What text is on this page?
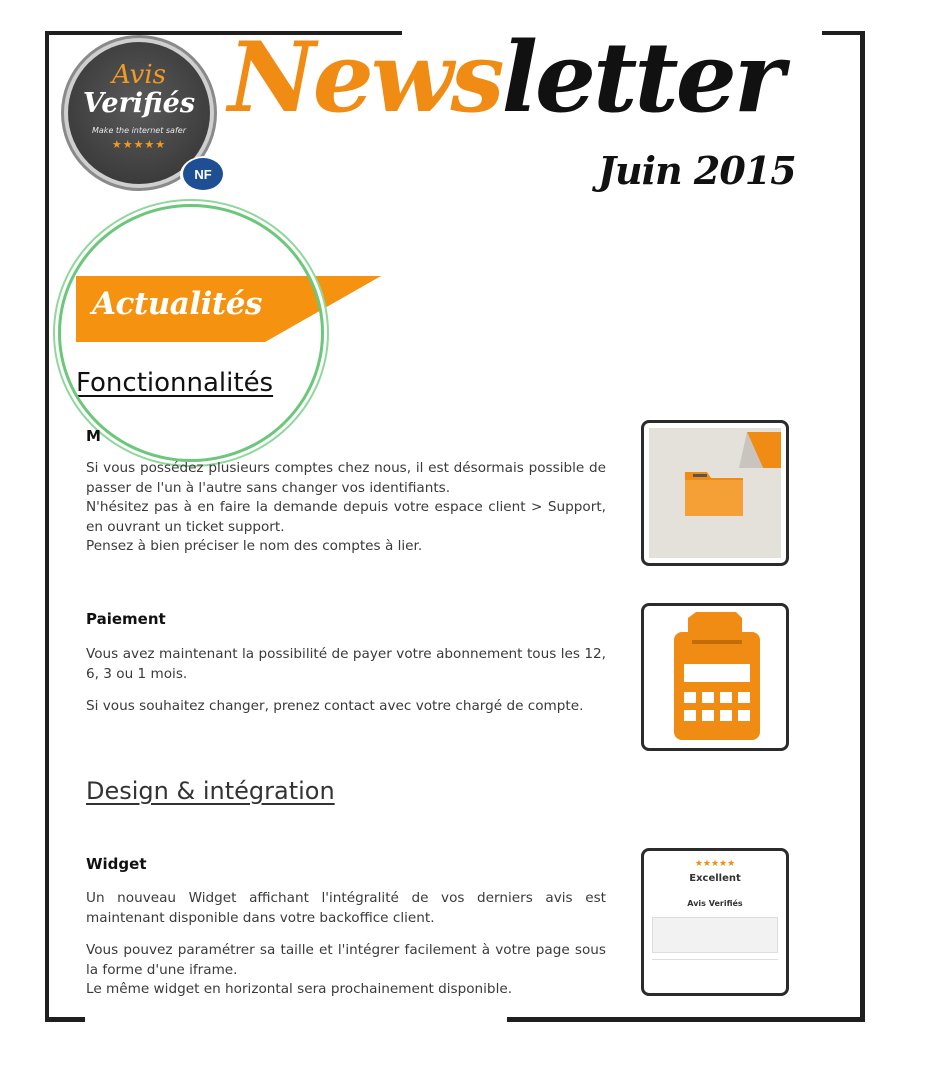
Avis
Verifiés
Make the internet safer
★★★★★
NF
Newsletter
Juin 2015
Actualités
Fonctionnalités
M

Si vous possédez plusieurs comptes chez nous, il est désormais possible de passer de l'un à l'autre sans changer vos identifiants.

N'hésitez pas à en faire la demande depuis votre espace client > Support, en ouvrant un ticket support.

Pensez à bien préciser le nom des comptes à lier.

Paiement

Vous avez maintenant la possibilité de payer votre abonnement tous les 12, 6, 3 ou 1 mois.

Si vous souhaitez changer, prenez contact avec votre chargé de compte.

Design & intégration
Widget

Un nouveau Widget affichant l'intégralité de vos derniers avis est maintenant disponible dans votre backoffice client.

Vous pouvez paramétrer sa taille et l'intégrer facilement à votre page sous la forme d'une iframe.

Le même widget en horizontal sera prochainement disponible.

★★★★★
Excellent
Avis Verifiés
